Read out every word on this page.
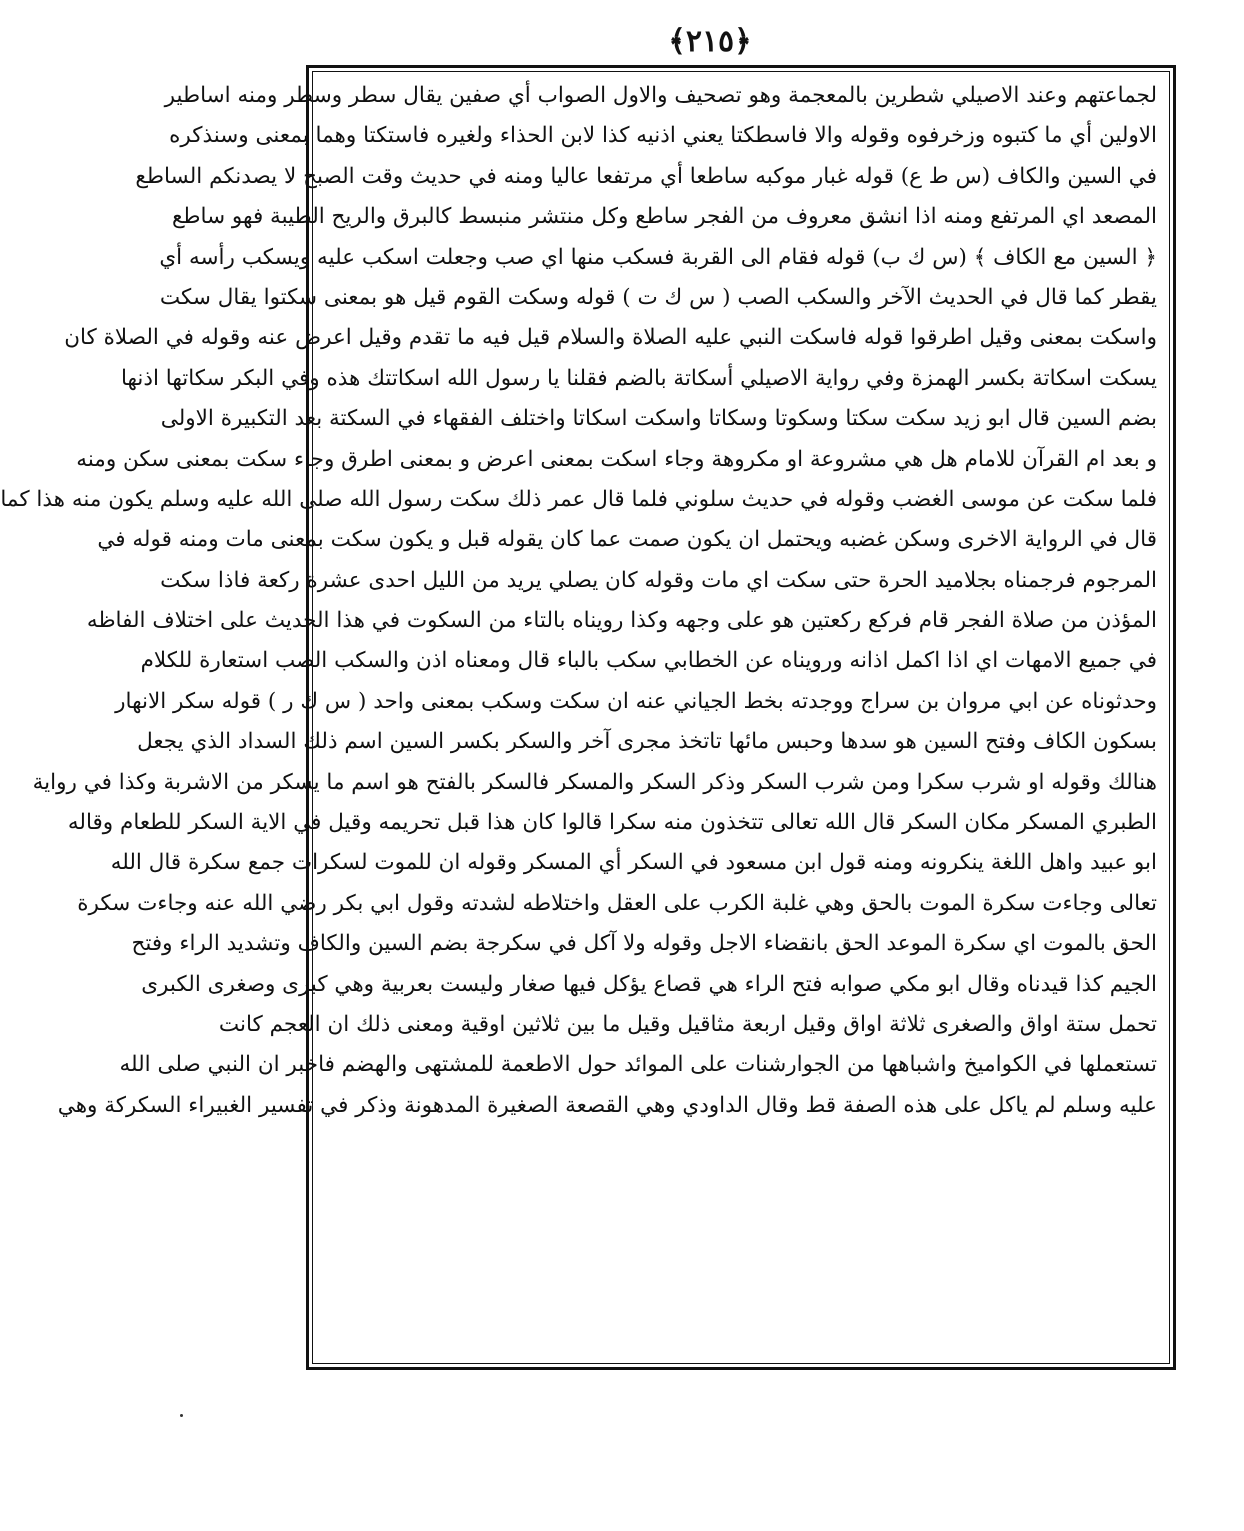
﴿٢١٥﴾
لجماعتهم وعند الاصيلي شطرين بالمعجمة وهو تصحيف والاول الصواب أي صفين يقال سطر وسطر ومنه اساطير
الاولين أي ما كتبوه وزخرفوه وقوله والا فاسطكتا يعني اذنيه كذا لابن الحذاء ولغيره فاستكتا وهما بمعنى وسنذكره
في السين والكاف (س ط ع) قوله غبار موكبه ساطعا أي مرتفعا عاليا ومنه في حديث وقت الصبح لا يصدنكم الساطع
المصعد اي المرتفع ومنه اذا انشق معروف من الفجر ساطع وكل منتشر منبسط كالبرق والريح الطيبة فهو ساطع
﴿ السين مع الكاف ﴾ (س ك ب) قوله فقام الى القربة فسكب منها اي صب وجعلت اسكب عليه ويسكب رأسه أي
يقطر كما قال في الحديث الآخر والسكب الصب ( س ك ت ) قوله وسكت القوم قيل هو بمعنى سكتوا يقال سكت
واسكت بمعنى وقيل اطرقوا قوله فاسكت النبي عليه الصلاة والسلام قيل فيه ما تقدم وقيل اعرض عنه وقوله في الصلاة كان
يسكت اسكاتة بكسر الهمزة وفي رواية الاصيلي أسكاتة بالضم فقلنا يا رسول الله اسكاتتك هذه وفي البكر سكاتها اذنها
بضم السين قال ابو زيد سكت سكتا وسكوتا وسكاتا واسكت اسكاتا واختلف الفقهاء في السكتة بعد التكبيرة الاولى
و بعد ام القرآن للامام هل هي مشروعة او مكروهة وجاء اسكت بمعنى اعرض و بمعنى اطرق وجاء سكت بمعنى سكن ومنه
فلما سكت عن موسى الغضب وقوله في حديث سلوني فلما قال عمر ذلك سكت رسول الله صلى الله عليه وسلم يكون منه هذا كما
قال في الرواية الاخرى وسكن غضبه ويحتمل ان يكون صمت عما كان يقوله قبل و يكون سكت بمعنى مات ومنه قوله في
المرجوم فرجمناه بجلاميد الحرة حتى سكت اي مات وقوله كان يصلي يريد من الليل احدى عشرة ركعة فاذا سكت
المؤذن من صلاة الفجر قام فركع ركعتين هو على وجهه وكذا رويناه بالتاء من السكوت في هذا الحديث على اختلاف الفاظه
في جميع الامهات اي اذا اكمل اذانه ورويناه عن الخطابي سكب بالباء قال ومعناه اذن والسكب الصب استعارة للكلام
وحدثوناه عن ابي مروان بن سراج ووجدته بخط الجياني عنه ان سكت وسكب بمعنى واحد ( س ك ر ) قوله سكر الانهار
بسكون الكاف وفتح السين هو سدها وحبس مائها تاتخذ مجرى آخر والسكر بكسر السين اسم ذلك السداد الذي يجعل
هنالك وقوله او شرب سكرا ومن شرب السكر وذكر السكر والمسكر فالسكر بالفتح هو اسم ما يسكر من الاشربة وكذا في رواية
الطبري المسكر مكان السكر قال الله تعالى تتخذون منه سكرا قالوا كان هذا قبل تحريمه وقيل في الاية السكر للطعام وقاله
ابو عبيد واهل اللغة ينكرونه ومنه قول ابن مسعود في السكر أي المسكر وقوله ان للموت لسكرات جمع سكرة قال الله
تعالى وجاءت سكرة الموت بالحق وهي غلبة الكرب على العقل واختلاطه لشدته وقول ابي بكر رضي الله عنه وجاءت سكرة
الحق بالموت اي سكرة الموعد الحق بانقضاء الاجل وقوله ولا آكل في سكرجة بضم السين والكاف وتشديد الراء وفتح
الجيم كذا قيدناه وقال ابو مكي صوابه فتح الراء هي قصاع يؤكل فيها صغار وليست بعربية وهي كبرى وصغرى الكبرى
تحمل ستة اواق والصغرى ثلاثة اواق وقيل اربعة مثاقيل وقيل ما بين ثلاثين اوقية ومعنى ذلك ان العجم كانت
تستعملها في الكواميخ واشباهها من الجوارشنات على الموائد حول الاطعمة للمشتهى والهضم فاخبر ان النبي صلى الله
عليه وسلم لم ياكل على هذه الصفة قط وقال الداودي وهي القصعة الصغيرة المدهونة وذكر في تفسير الغبيراء السكركة وهي
